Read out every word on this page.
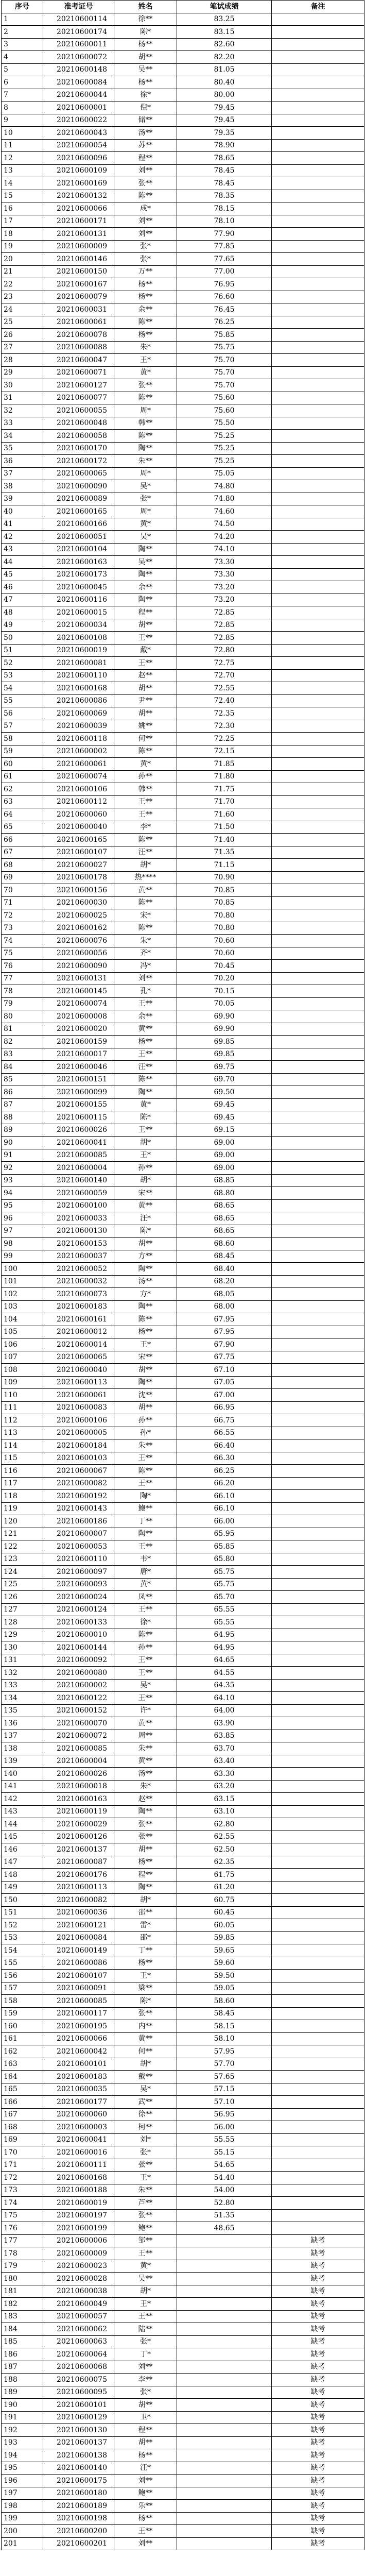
序号	准考证号	姓名	笔试成绩	备注
1	20210600114	徐**	83.25	
2	20210600174	陈*	83.15	
3	20210600011	杨**	82.60	
4	20210600072	胡**	82.20	
5	20210600148	吴**	81.05	
6	20210600084	杨**	80.40	
7	20210600044	徐*	80.00	
8	20210600001	倪*	79.45	
9	20210600022	储**	79.45	
10	20210600043	汤**	79.35	
11	20210600054	苏**	78.90	
12	20210600096	程**	78.65	
13	20210600109	刘**	78.45	
14	20210600169	张**	78.45	
15	20210600132	陈**	78.35	
16	20210600066	成*	78.15	
17	20210600171	刘**	78.10	
18	20210600131	刘**	77.90	
19	20210600009	张*	77.85	
20	20210600146	张*	77.65	
21	20210600150	万**	77.00	
22	20210600167	杨**	76.95	
23	20210600079	杨**	76.60	
24	20210600031	余**	76.45	
25	20210600061	陈**	76.25	
26	20210600078	杨**	75.85	
27	20210600088	朱*	75.75	
28	20210600047	王*	75.70	
29	20210600071	黄*	75.70	
30	20210600127	张**	75.70	
31	20210600077	陈**	75.60	
32	20210600055	周*	75.60	
33	20210600048	韩**	75.50	
34	20210600058	陈**	75.25	
35	20210600170	陶**	75.25	
36	20210600172	朱**	75.25	
37	20210600065	周*	75.05	
38	20210600090	吴*	74.80	
39	20210600089	张*	74.80	
40	20210600165	周*	74.60	
41	20210600166	黄*	74.50	
42	20210600051	吴*	74.20	
43	20210600104	陶**	74.10	
44	20210600163	吴**	73.30	
45	20210600173	陶**	73.30	
46	20210600045	余**	73.20	
47	20210600116	陶**	73.20	
48	20210600015	程**	72.85	
49	20210600034	胡**	72.85	
50	20210600108	王**	72.85	
51	20210600019	戴*	72.80	
52	20210600081	王**	72.75	
53	20210600110	赵**	72.70	
54	20210600168	胡**	72.55	
55	20210600086	尹**	72.40	
56	20210600069	胡**	72.35	
57	20210600039	姚**	72.30	
58	20210600118	何**	72.25	
59	20210600002	陈**	72.15	
60	20210600061	黄*	71.85	
61	20210600074	孙**	71.80	
62	20210600106	韩**	71.75	
63	20210600112	王**	71.70	
64	20210600060	王**	71.60	
65	20210600040	李*	71.50	
66	20210600165	陈**	71.40	
67	20210600107	汪**	71.35	
68	20210600027	胡*	71.15	
69	20210600178	热****	70.90	
70	20210600156	黄**	70.85	
71	20210600030	陈**	70.85	
72	20210600025	宋*	70.80	
73	20210600162	陈**	70.80	
74	20210600076	朱*	70.60	
75	20210600056	齐*	70.60	
76	20210600090	冯*	70.45	
77	20210600131	刘**	70.20	
78	20210600145	孔*	70.15	
79	20210600074	王**	70.05	
80	20210600008	余**	69.90	
81	20210600020	黄**	69.90	
82	20210600159	杨**	69.85	
83	20210600017	王**	69.85	
84	20210600046	汪**	69.75	
85	20210600151	陈**	69.70	
86	20210600099	陶**	69.50	
87	20210600155	黄*	69.45	
88	20210600115	陈*	69.45	
89	20210600026	王**	69.15	
90	20210600041	胡*	69.00	
91	20210600085	王*	69.00	
92	20210600004	孙**	69.00	
93	20210600140	胡*	68.85	
94	20210600059	宋**	68.80	
95	20210600100	黄**	68.65	
96	20210600033	汪*	68.65	
97	20210600130	陈*	68.65	
98	20210600153	胡**	68.60	
99	20210600037	方**	68.45	
100	20210600052	陶**	68.40	
101	20210600032	汤**	68.20	
102	20210600073	方*	68.05	
103	20210600183	陶**	68.00	
104	20210600161	陈**	67.95	
105	20210600012	杨**	67.95	
106	20210600014	王*	67.90	
107	20210600065	宋**	67.75	
108	20210600040	胡**	67.10	
109	20210600113	陶**	67.05	
110	20210600061	沈**	67.00	
111	20210600083	胡**	66.95	
112	20210600106	孙**	66.75	
113	20210600005	孙*	66.55	
114	20210600184	朱**	66.40	
115	20210600103	王**	66.30	
116	20210600067	陈**	66.25	
117	20210600082	王**	66.20	
118	20210600192	陶*	66.10	
119	20210600143	鲍**	66.10	
120	20210600186	丁**	66.00	
121	20210600007	陶**	65.95	
122	20210600053	王**	65.85	
123	20210600110	韦*	65.80	
124	20210600097	唐*	65.75	
125	20210600093	黄*	65.75	
126	20210600024	凤**	65.70	
127	20210600124	王**	65.55	
128	20210600133	徐*	65.55	
129	20210600010	陈**	64.95	
130	20210600144	孙**	64.95	
131	20210600092	王**	64.65	
132	20210600080	王**	64.55	
133	20210600002	吴*	64.35	
134	20210600122	王**	64.10	
135	20210600152	许*	64.00	
136	20210600070	黄**	63.90	
137	20210600072	周**	63.85	
138	20210600085	朱**	63.70	
139	20210600004	黄**	63.40	
140	20210600026	汤**	63.30	
141	20210600018	朱*	63.20	
142	20210600163	赵**	63.15	
143	20210600119	陶**	63.10	
144	20210600029	张**	62.80	
145	20210600126	张**	62.55	
146	20210600137	胡**	62.50	
147	20210600087	杨**	62.35	
148	20210600176	程**	61.75	
149	20210600113	陶**	61.20	
150	20210600082	胡*	60.75	
151	20210600036	邵**	60.45	
152	20210600121	雷*	60.05	
153	20210600084	邵*	59.85	
154	20210600149	丁**	59.65	
155	20210600086	杨**	59.60	
156	20210600107	王*	59.50	
157	20210600091	梁**	59.05	
158	20210600085	陈*	58.60	
159	20210600117	张**	58.45	
160	20210600195	内**	58.15	
161	20210600066	黄**	58.10	
162	20210600042	何**	57.95	
163	20210600101	胡*	57.70	
164	20210600183	戴**	57.65	
165	20210600035	吴*	57.15	
166	20210600177	武**	57.10	
167	20210600060	徐**	56.95	
168	20210600003	柯**	56.00	
169	20210600041	刘*	55.55	
170	20210600016	张*	55.15	
171	20210600111	张**	54.65	
172	20210600168	王*	54.40	
173	20210600188	朱**	54.00	
174	20210600019	芦**	52.80	
175	20210600197	张**	51.35	
176	20210600199	鲍**	48.65	
177	20210600006	邹**		缺考
178	20210600009	王**		缺考
179	20210600023	黄*		缺考
180	20210600028	吴**		缺考
181	20210600038	胡*		缺考
182	20210600049	王*		缺考
183	20210600057	王**		缺考
184	20210600062	陆**		缺考
185	20210600063	张*		缺考
186	20210600064	丁*		缺考
187	20210600068	刘**		缺考
188	20210600075	李**		缺考
189	20210600095	张*		缺考
190	20210600101	胡**		缺考
191	20210600129	卫*		缺考
192	20210600130	程**		缺考
193	20210600137	胡**		缺考
194	20210600138	杨**		缺考
195	20210600140	汪*		缺考
196	20210600175	刘**		缺考
197	20210600180	鲍**		缺考
198	20210600189	乐**		缺考
199	20210600198	杨**		缺考
200	20210600200	王**		缺考
201	20210600201	刘**		缺考
